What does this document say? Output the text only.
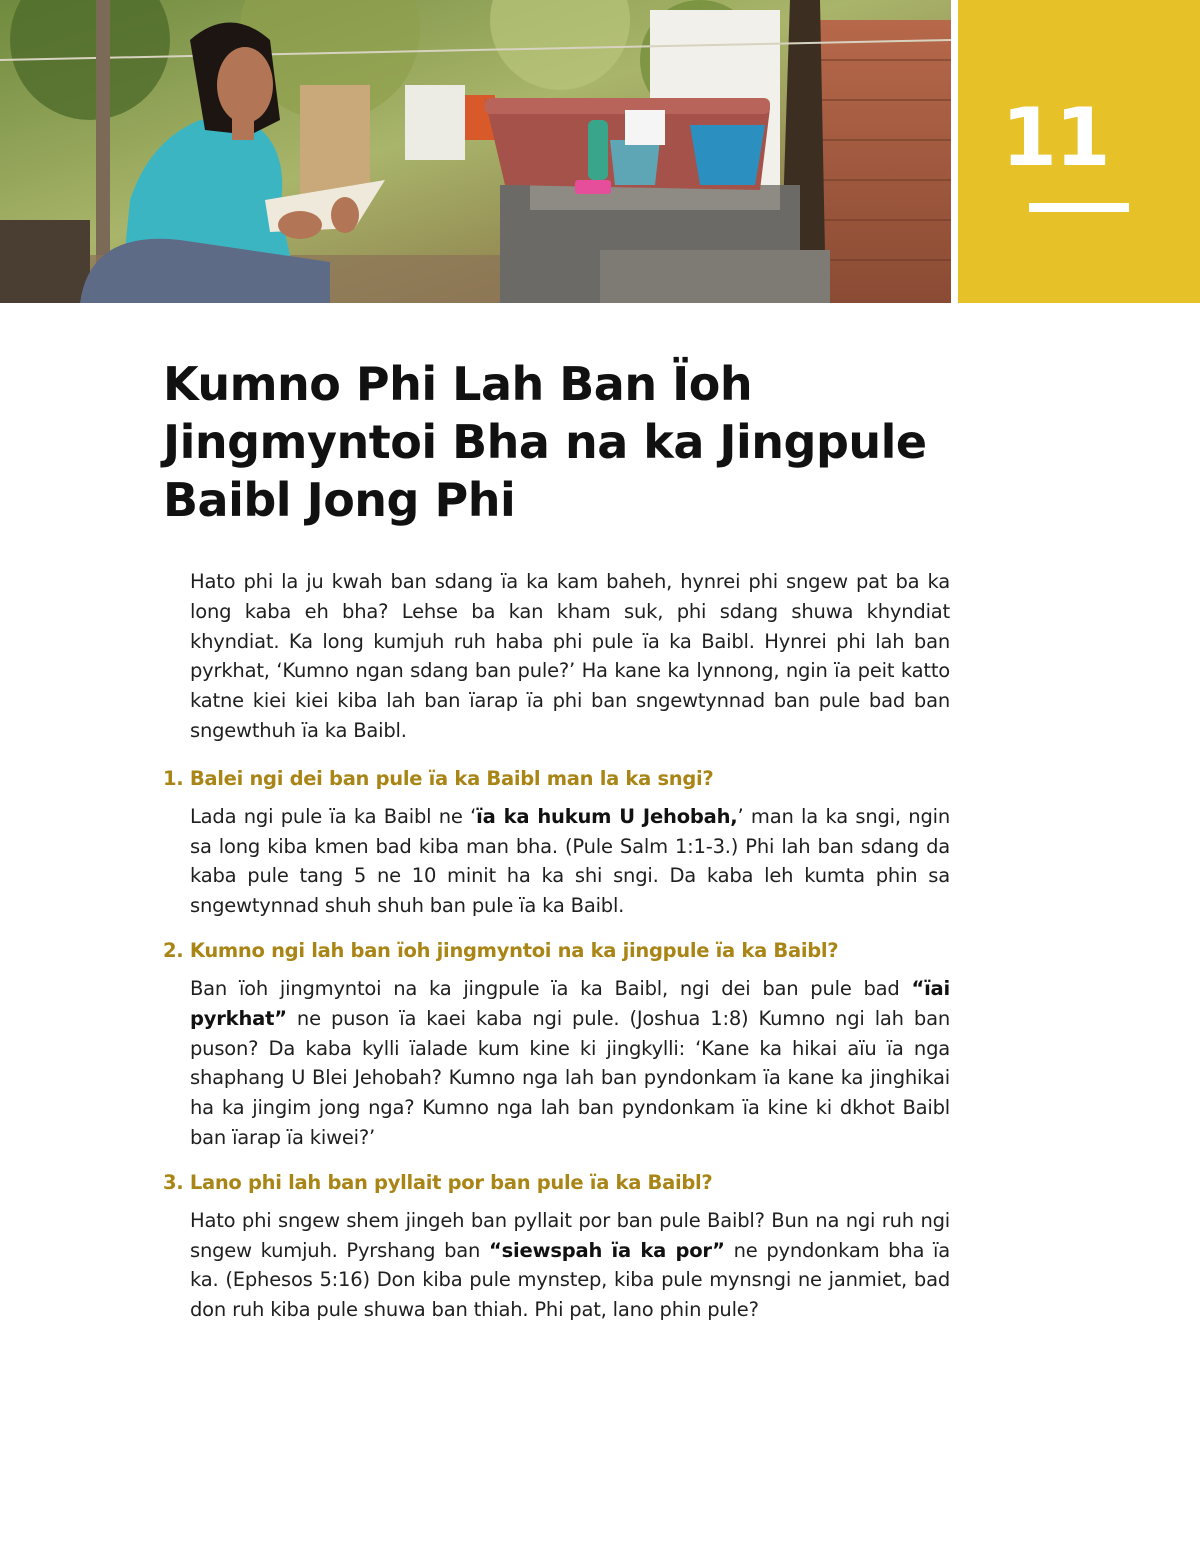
11
Kumno Phi Lah Ban Ïoh
Jingmyntoi Bha na ka Jingpule
Baibl Jong Phi

Hato phi la ju kwah ban sdang ïa ka kam baheh, hynrei phi sngew pat ba ka long kaba eh bha? Lehse ba kan kham suk, phi sdang shuwa khyndiat khyndiat. Ka long kumjuh ruh haba phi pule ïa ka Baibl. Hynrei phi lah ban pyrkhat, ‘Kumno ngan sdang ban pule?’ Ha kane ka lynnong, ngin ïa peit katto katne kiei kiei kiba lah ban ïarap ïa phi ban sngewtynnad ban pule bad ban sngewthuh ïa ka Baibl.

1. Balei ngi dei ban pule ïa ka Baibl man la ka sngi?

Lada ngi pule ïa ka Baibl ne ‘ïa ka hukum U Jehobah,’ man la ka sngi, ngin sa long kiba kmen bad kiba man bha. (Pule Salm 1:1-3.) Phi lah ban sdang da kaba pule tang 5 ne 10 minit ha ka shi sngi. Da kaba leh kumta phin sa sngewtynnad shuh shuh ban pule ïa ka Baibl.

2. Kumno ngi lah ban ïoh jingmyntoi na ka jingpule ïa ka Baibl?

Ban ïoh jingmyntoi na ka jingpule ïa ka Baibl, ngi dei ban pule bad “ïai pyrkhat” ne puson ïa kaei kaba ngi pule. (Joshua 1:8) Kumno ngi lah ban puson? Da kaba kylli ïalade kum kine ki jingkylli: ‘Kane ka hikai aïu ïa nga shaphang U Blei Jehobah? Kumno nga lah ban pyndonkam ïa kane ka jinghikai ha ka jingim jong nga? Kumno nga lah ban pyndonkam ïa kine ki dkhot Baibl ban ïarap ïa kiwei?’

3. Lano phi lah ban pyllait por ban pule ïa ka Baibl?

Hato phi sngew shem jingeh ban pyllait por ban pule Baibl? Bun na ngi ruh ngi sngew kumjuh. Pyrshang ban “siewspah ïa ka por” ne pyndonkam bha ïa ka. (Ephesos 5:16) Don kiba pule mynstep, kiba pule mynsngi ne janmiet, bad don ruh kiba pule shuwa ban thiah. Phi pat, lano phin pule?
